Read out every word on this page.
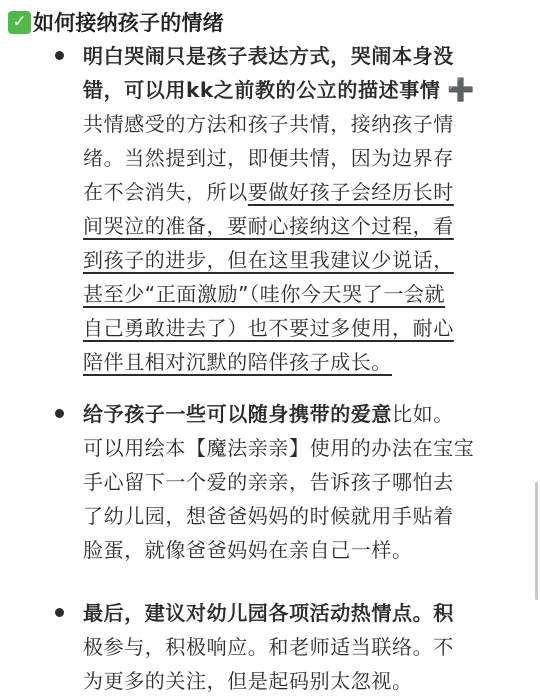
✓ 如何接纳孩子的情绪
明白哭闹只是孩子表达方式，哭闹本身没
错，可以用kk之前教的公立的描述事情 ➕
共情感受的方法和孩子共情，接纳孩子情
绪。当然提到过，即便共情，因为边界存
在不会消失，所以要做好孩子会经历长时
间哭泣的准备，要耐心接纳这个过程，看
到孩子的进步，但在这里我建议少说话，
甚至少“正面激励”（哇你今天哭了一会就
自己勇敢进去了）也不要过多使用，耐心
陪伴且相对沉默的陪伴孩子成长。
给予孩子一些可以随身携带的爱意比如。
可以用绘本【魔法亲亲】使用的办法在宝宝
手心留下一个爱的亲亲，告诉孩子哪怕去
了幼儿园，想爸爸妈妈的时候就用手贴着
脸蛋，就像爸爸妈妈在亲自己一样。
最后，建议对幼儿园各项活动热情点。积
极参与，积极响应。和老师适当联络。不
为更多的关注，但是起码别太忽视。
